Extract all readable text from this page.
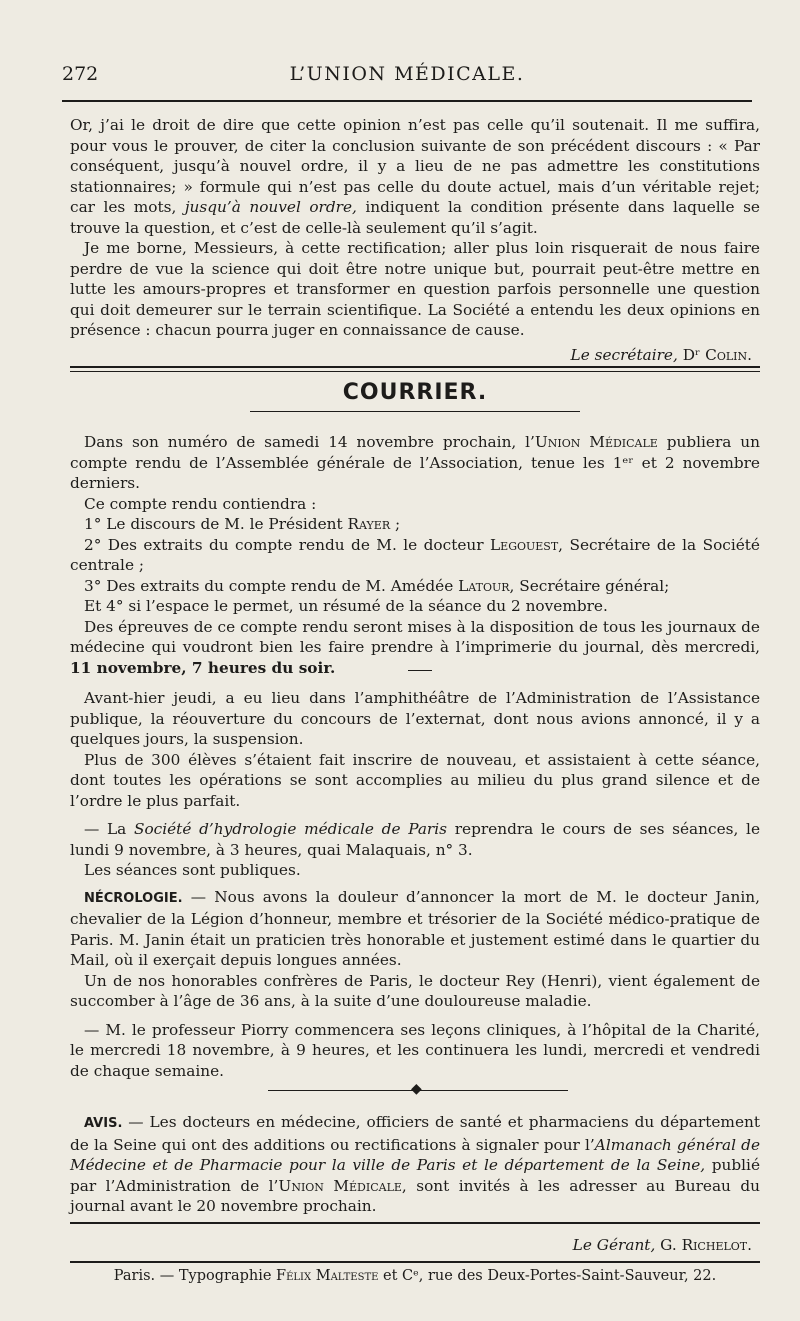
272	L’UNION MÉDICALE.

Or, j’ai le droit de dire que cette opinion n’est pas celle qu’il soutenait. Il me suffira, pour vous le prouver, de citer la conclusion suivante de son précédent discours : « Par conséquent, jusqu’à nouvel ordre, il y a lieu de ne pas admettre les constitutions stationnaires; » formule qui n’est pas celle du doute actuel, mais d’un véritable rejet; car les mots, jusqu’à nouvel ordre, indiquent la condition présente dans laquelle se trouve la question, et c’est de celle-là seulement qu’il s’agit.

Je me borne, Messieurs, à cette rectification; aller plus loin risquerait de nous faire perdre de vue la science qui doit être notre unique but, pourrait peut-être mettre en lutte les amours-propres et transformer en question parfois personnelle une question qui doit demeurer sur le terrain scientifique. La Société a entendu les deux opinions en présence : chacun pourra juger en connaissance de cause.

Le secrétaire, Dʳ Colin.

COURRIER.

Dans son numéro de samedi 14 novembre prochain, l’Union Médicale publiera un compte rendu de l’Assemblée générale de l’Association, tenue les 1ᵉʳ et 2 novembre derniers.

Ce compte rendu contiendra :

1° Le discours de M. le Président Rayer ;

2° Des extraits du compte rendu de M. le docteur Legouest, Secrétaire de la Société centrale ;

3° Des extraits du compte rendu de M. Amédée Latour, Secrétaire général;

Et 4° si l’espace le permet, un résumé de la séance du 2 novembre.

Des épreuves de ce compte rendu seront mises à la disposition de tous les journaux de médecine qui voudront bien les faire prendre à l’imprimerie du journal, dès mercredi, 11 novembre, 7 heures du soir.

Avant-hier jeudi, a eu lieu dans l’amphithéâtre de l’Administration de l’Assistance publique, la réouverture du concours de l’externat, dont nous avions annoncé, il y a quelques jours, la suspension.

Plus de 300 élèves s’étaient fait inscrire de nouveau, et assistaient à cette séance, dont toutes les opérations se sont accomplies au milieu du plus grand silence et de l’ordre le plus parfait.

— La Société d’hydrologie médicale de Paris reprendra le cours de ses séances, le lundi 9 novembre, à 3 heures, quai Malaquais, n° 3.

Les séances sont publiques.

NÉCROLOGIE. — Nous avons la douleur d’annoncer la mort de M. le docteur Janin, chevalier de la Légion d’honneur, membre et trésorier de la Société médico-pratique de Paris. M. Janin était un praticien très honorable et justement estimé dans le quartier du Mail, où il exerçait depuis longues années.

Un de nos honorables confrères de Paris, le docteur Rey (Henri), vient également de succomber à l’âge de 36 ans, à la suite d’une douloureuse maladie.

— M. le professeur Piorry commencera ses leçons cliniques, à l’hôpital de la Charité, le mercredi 18 novembre, à 9 heures, et les continuera les lundi, mercredi et vendredi de chaque semaine.

◆

AVIS. — Les docteurs en médecine, officiers de santé et pharmaciens du département de la Seine qui ont des additions ou rectifications à signaler pour l’Almanach général de Médecine et de Pharmacie pour la ville de Paris et le département de la Seine, publié par l’Administration de l’Union Médicale, sont invités à les adresser au Bureau du journal avant le 20 novembre prochain.

Le Gérant, G. Richelot.

Paris. — Typographie Félix Malteste et Cᵉ, rue des Deux-Portes-Saint-Sauveur, 22.
